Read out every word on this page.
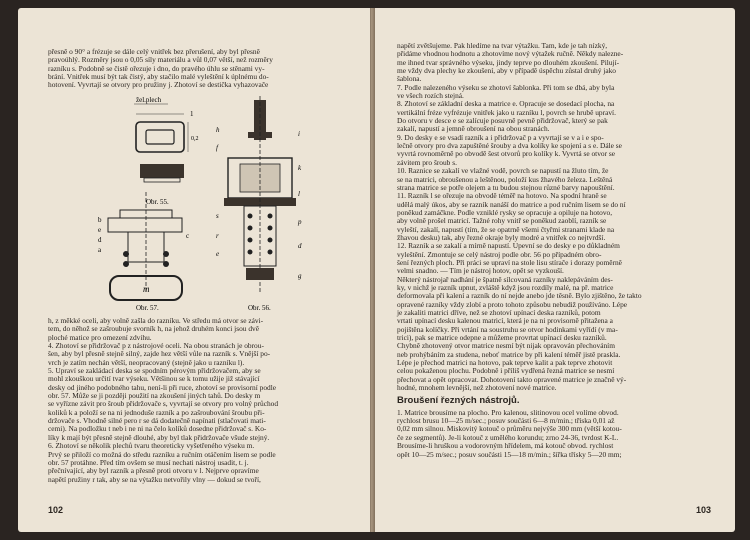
přesně o 90° a frézuje se dále celý vnitřek bez přerušení, aby byl přesně

pravoúhlý. Rozměry jsou o 0,05 síly materiálu a vůl 0,07 větší, než rozměry

razníku s. Podobně se čistě ořezuje i dno, do pravého úhlu se stěnami vy-

brání. Vnitřek musí být tak čistý, aby stačilo malé vyleštění k úplnému do-

hotovení. Vyvrtají se otvory pro pružiny j. Zhotoví se destička vyhazovače

žel.plech
1
0,2
Obr. 55.
b
e
d
a
c
m
Obr. 57.
h	i
f
k
s
l
r
p
e
d
g
Obr. 56.

h, z měkké oceli, aby volně zašla do razníku. Ve středu má otvor se závi-

tem, do něhož se zašroubuje svorník h, na jehož druhém konci jsou dvě

ploché matice pro omezení zdvihu.

4. Zhotoví se přidržovač p z nástrojové oceli. Na obou stranách je obrou-

šen, aby byl přesně stejně silný, zajde hez větší vůle na razník s. Vnější po-

vrch je zatím nechán větší, neopracovaný (stejně jako u razníku l).

5. Upraví se zakládací deska se spodním pérovým přidržovačem, aby se

mohl zkouškou určití tvar výseku. Většinou se k tomu užije již stávající

desky od jiného podobného tahu, není-li při ruce, zhotoví se provisorní podle

obr. 57. Může se ji později použití na zkoušení jiných tahů. Do desky m

se vyřízne závit pro šroub přidržovače s, vyvrtají se otvory pro volný průchod

koliků k a položí se na ni jednoduše razník a po zašroubování šroubu při-

držovače s. Vhodně silné pero r se dá dodatečně napínati (stlačovati mati-

cemi). Na podložku t neb i ne ni na čelo kolíků dosedne přidržovač s. Ko-

líky k mají být přesně stejně dlouhé, aby byl tlak přidržovače všude stejný.

6. Zhotoví se několik plechů tvaru theoreticky vyšetřeného výseku m.

Prvý se přiloží co možná do středu razníku a ručním otáčením lisem se podle

obr. 57 protáhne. Před tím ovšem se musí nechati nástroj usadit, t. j.

přečnívající, aby byl razník a přesně proti otvoru v l. Nejprve opravíme

napětí pružiny r tak, aby se na výtažku netvořily vlny — dokud se tvoří,

102

napětí zvětšujeme. Pak hledíme na tvar výtažku. Tam, kde je tah nízký,

přidáme vhodnou hodnotu a zhotovíme nový výtažek ručně. Někdy nalezne-

me ihned tvar správného výseku, jindy teprve po dlouhém zkoušení. Pilují-

me vždy dva plechy ke zkoušení, aby v případě úspěchu zůstal druhý jako

šablona.

7. Podle nalezeného výseku se zhotoví šablonka. Při tom se dbá, aby byla

ve všech rozích stejná.

8. Zhotoví se základní deska a matrice e. Opracuje se dosedací plocha, na

vertikální fréze vyfrézuje vnitřek jako u razníku l, povrch se hrubě upraví.

Do otvoru v desce e se zalícuje posuvně pevně přidržovač, který se pak

zakalí, napustí a jemně obroušení na obou stranách.

9. Do desky e se vsadí razník a i přidržovač p a vyvrtají se v a i e spo-

lečně otvory pro dva zapuštěné šrouby a dva kolíky ke spojení a s e. Dále se

vyvrtá rovnoměrně po obvodě šest otvorů pro kolíky k. Vyvrtá se otvor se

závitem pro šroub s.

10. Raznice se zakalí ve vlažné vodě, povrch se napustí na žluto tím, že

se na matrici, obroušenou a leštěnou, položí kus žhavého železa. Leštěná

strana matrice se potře olejem a tu budou stejnou různé barvy napouštění.

11. Razník l se ořezuje na obvodě téměř na hotovo. Na spodní hraně se

udělá malý úkos, aby se razník nanáší do matrice a pod ručním lisem se do ní

poněkud zamáčkne. Podle vzniklé rysky se opracuje a opiluje na hotovo,

aby volně prošel matricí. Tažné rohy vnitř se poněkud zaoblí, razník se

vyleští, zakalí, napustí (tím, že se opatrně všemi čtyřmi stranami klade na

žhavou desku) tak, aby řezné okraje byly modré a vnitřek co nejtvrdší.

12. Razník a se zakalí a mírně napustí. Upevní se do desky e po důkladném

vyleštění. Zmontuje se celý nástroj podle obr. 56 po případném obro-

šení řezných ploch. Při práci se upraví na stole lisu stírače i dorazy poměrně

velmi snadno. — Tím je nástroj hotov, opět se vyzkouší.

Některý nástrojař nadhání je špatně sílcovaná razníky naklepáváním des-

ky, v nichž je razník upnut, zvláště když jsou rozdíly malé, na př. matrice

deformovala při kalení a razník do ní nejde anebo jde těsně. Bylo zjištěno, že takto

opravené razníky vždy zlobí a proto tohoto způsobu nebudiž používáno. Lépe

je zakaliti matrici dříve, než se zhotoví upínací deska razníků, potom

vrtati upínací desku kalenou matricí, která je na ni provisorně přitažena a

pojištěna kolíčky. Při vrtání na soustruhu se otvor hodinkami vyřídí (v ma-

trici), pak se matrice odepne a můžeme provrtat upínací desku razníků.

Chybně zhotovený otvor matrice nesmí být nijak opravován přechováním

neb prohýbáním za studena, neboť matrice by při kalení téměř jistě praskla.

Lépe je přechod matrici na hotovo, pak teprve kalit a pak teprve zhotovit

celou pokaženou plochu. Podobně i příliš vydřená řezná matrice se nesmí

přechovat a opět opracovat. Dohotovení takto opravené matrice je značně vý-

hodné, mnohem levnější, než zhotovení nové matrice.

Broušení řezných nástrojů.

1. Matrice brousíme na plocho. Pro kalenou, slitinovou ocel volíme obvod.

rychlost brusu 10—25 m/sec.; posuv součásti 6—8 m/min.; tříska 0,01 až

0,02 mm silnou. Miskovitý kotouč o průměru nejvýše 300 mm (větší kotou-

če ze segmentů). Je-li kotouč z umělého korundu; zrno 24-36, tvrdost K-L.

Brousíme-li hruškou a vodorovným hřídelem, má kotouč obvod. rychlost

opět 10—25 m/sec.; posuv součásti 15—18 m/min.; šířka třísky 5—20 mm;

103
